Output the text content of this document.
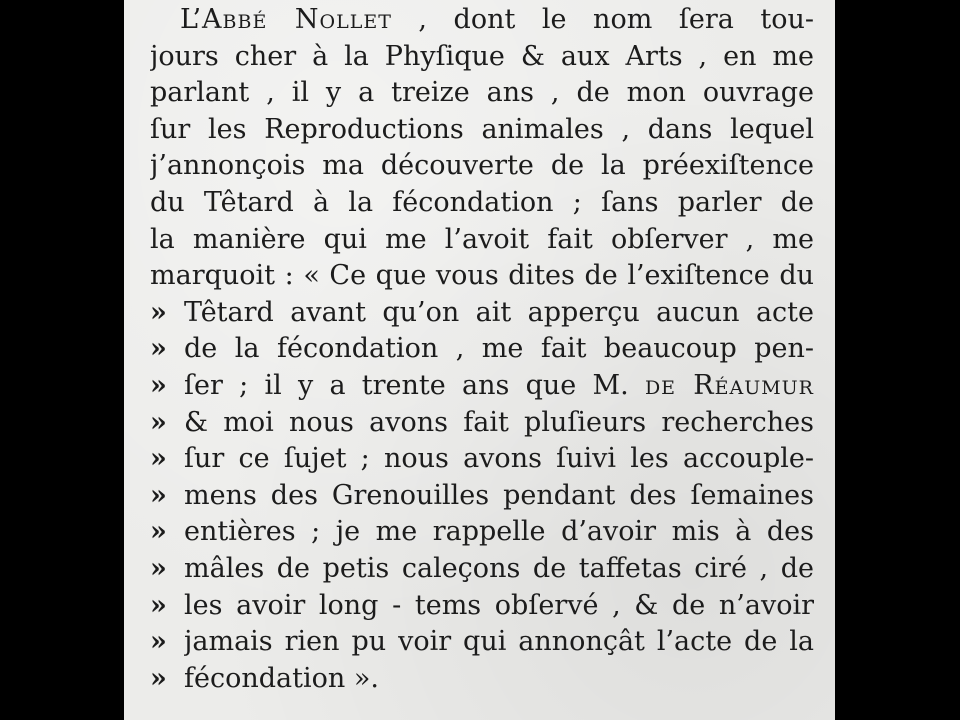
L’Abbé Nollet , dont le nom ſera tou-
jours cher à la Phyſique & aux Arts , en me
parlant , il y a treize ans , de mon ouvrage
ſur les Reproductions animales , dans lequel
j’annonçois ma découverte de la préexiſtence
du Têtard à la fécondation ; ſans parler de
la manière qui me l’avoit fait obſerver , me
marquoit : « Ce que vous dites de l’exiſtence du
» Têtard avant qu’on ait apperçu aucun acte
» de la fécondation , me fait beaucoup pen-
» ſer ; il y a trente ans que M. de Réaumur
» & moi nous avons fait pluſieurs recherches
» ſur ce ſujet ; nous avons ſuivi les accouple-
» mens des Grenouilles pendant des ſemaines
» entières ; je me rappelle d’avoir mis à des
» mâles de petis caleçons de taffetas ciré , de
» les avoir long - tems obſervé , & de n’avoir
» jamais rien pu voir qui annonçât l’acte de la
» fécondation ».
